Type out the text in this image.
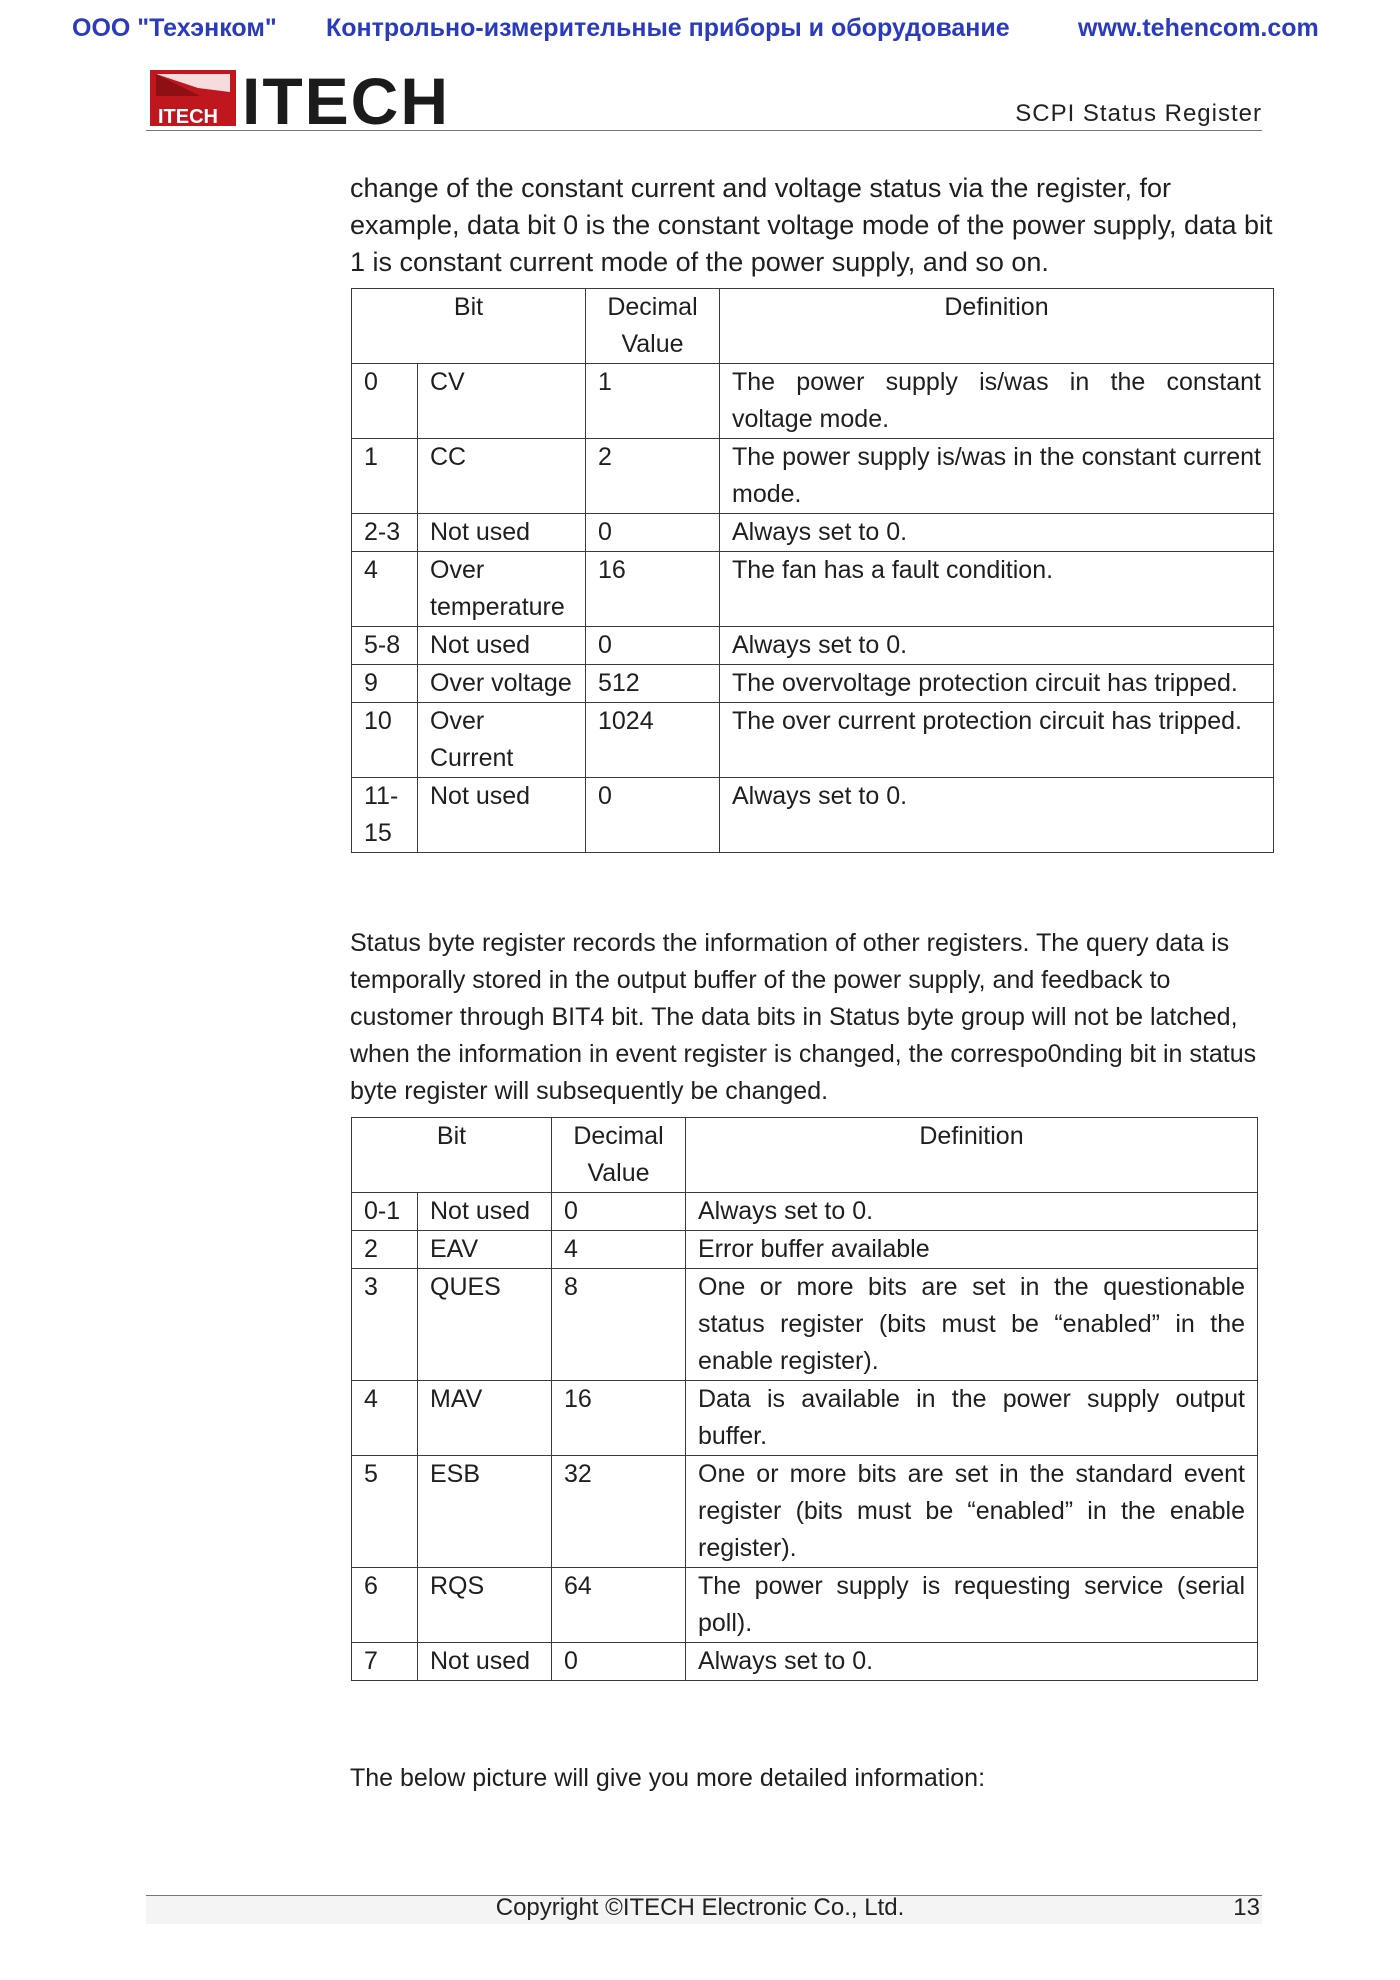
ООО "Техэнком" Контрольно-измерительные приборы и оборудование	www.tehencom.com
ITECH ITECH	SCPI Status Register
change of the constant current and voltage status via the register, for example, data bit 0 is the constant voltage mode of the power supply, data bit 1 is constant current mode of the power supply, and so on.
Bit		Decimal Value	Definition
0	CV	1	The power supply is/was in the constant voltage mode.
1	CC	2	The power supply is/was in the constant current mode.
2-3	Not used	0	Always set to 0.
4	Over temperature	16	The fan has a fault condition.
5-8	Not used	0	Always set to 0.
9	Over voltage	512	The overvoltage protection circuit has tripped.
10	Over Current	1024	The over current protection circuit has tripped.
11-15	Not used	0	Always set to 0.
Status byte register records the information of other registers. The query data is temporally stored in the output buffer of the power supply, and feedback to customer through BIT4 bit. The data bits in Status byte group will not be latched, when the information in event register is changed, the correspo0nding bit in status byte register will subsequently be changed.
Bit		Decimal Value	Definition
0-1	Not used	0	Always set to 0.
2	EAV	4	Error buffer available
3	QUES	8	One or more bits are set in the questionable status register (bits must be “enabled” in the enable register).
4	MAV	16	Data is available in the power supply output buffer.
5	ESB	32	One or more bits are set in the standard event register (bits must be “enabled” in the enable register).
6	RQS	64	The power supply is requesting service (serial poll).
7	Not used	0	Always set to 0.
The below picture will give you more detailed information:
Copyright ©ITECH Electronic Co., Ltd.	13
